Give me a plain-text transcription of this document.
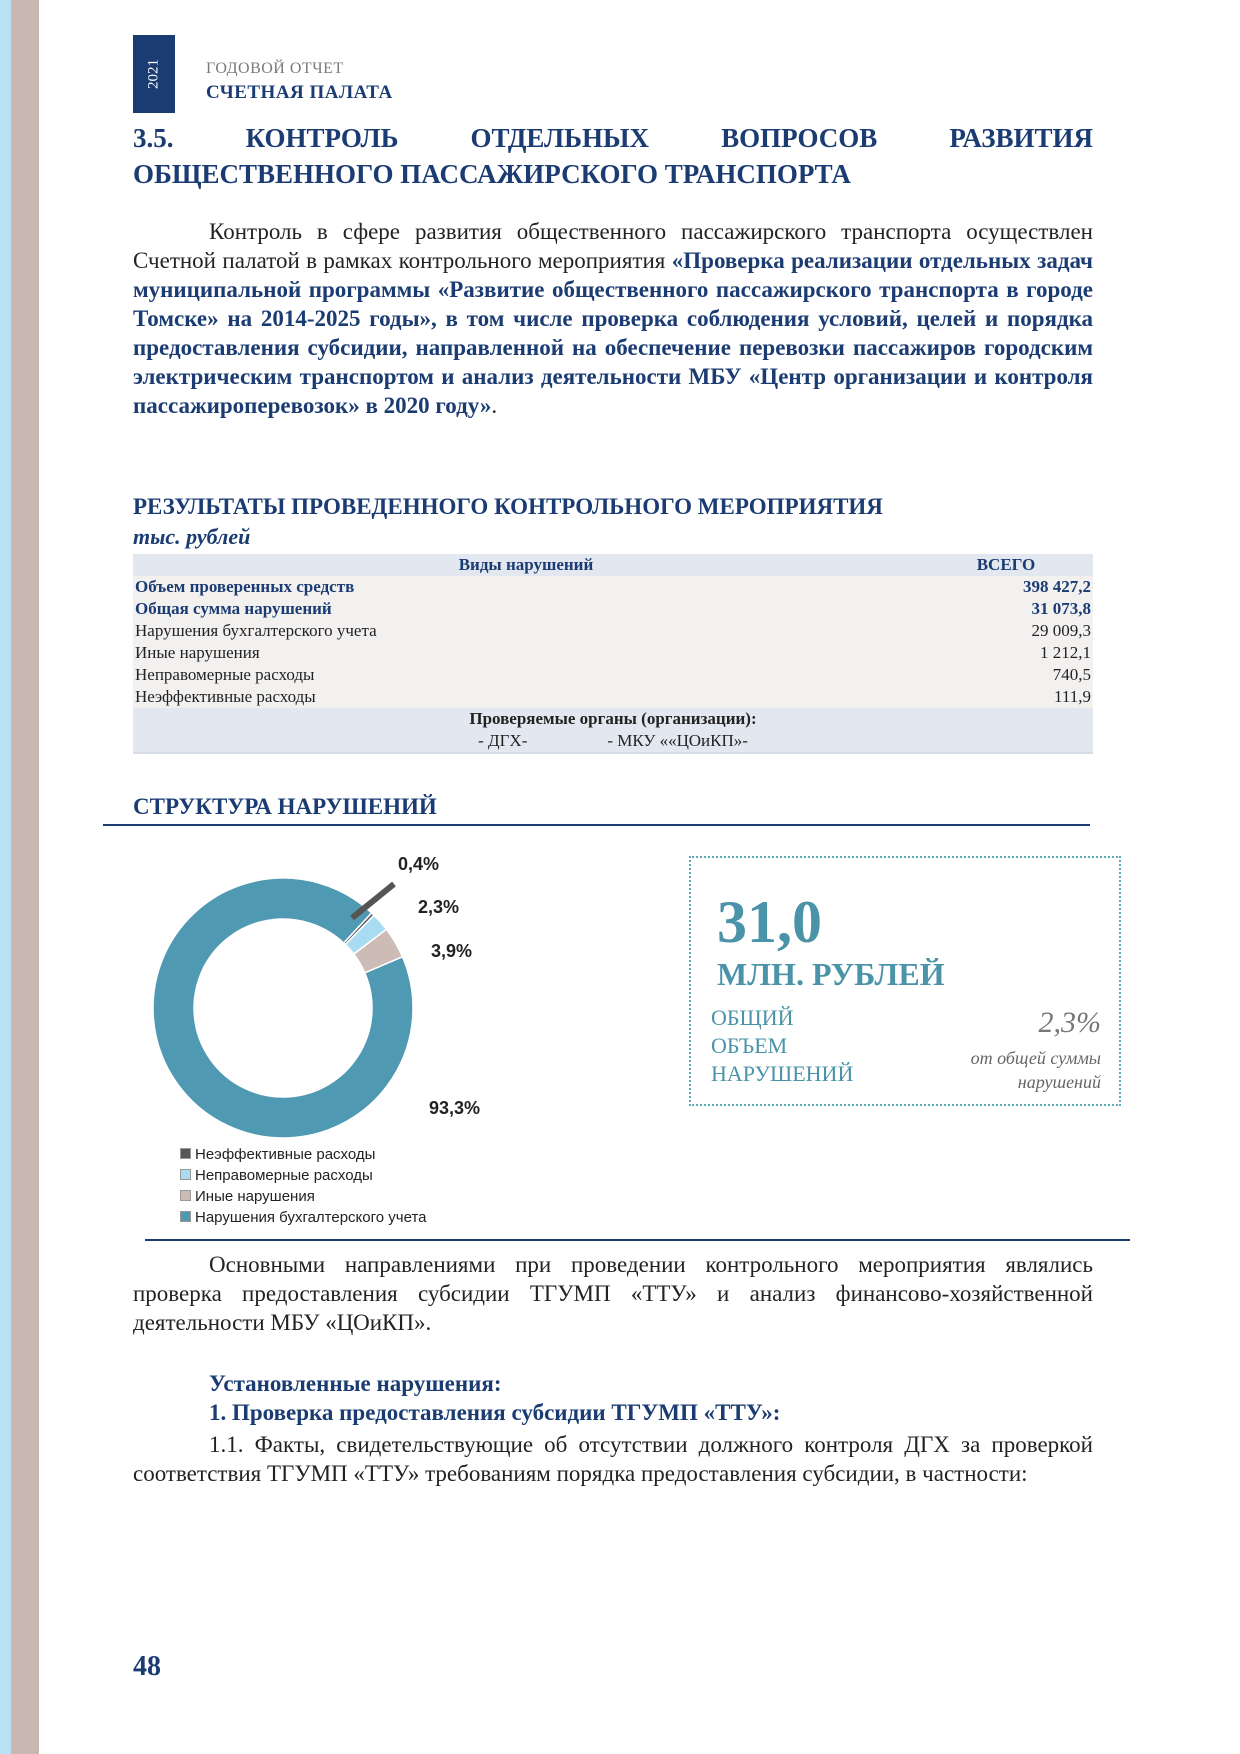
2021	ГОДОВОЙ ОТЧЕТ
СЧЕТНАЯ ПАЛАТА
3.5. КОНТРОЛЬ ОТДЕЛЬНЫХ ВОПРОСОВ РАЗВИТИЯ ОБЩЕСТВЕННОГО ПАССАЖИРСКОГО ТРАНСПОРТА
Контроль в сфере развития общественного пассажирского транспорта осуществлен Счетной палатой в рамках контрольного мероприятия «Проверка реализации отдельных задач муниципальной программы «Развитие общественного пассажирского транспорта в городе Томске» на 2014-2025 годы», в том числе проверка соблюдения условий, целей и порядка предоставления субсидии, направленной на обеспечение перевозки пассажиров городским электрическим транспортом и анализ деятельности МБУ «Центр организации и контроля пассажироперевозок» в 2020 году».
РЕЗУЛЬТАТЫ ПРОВЕДЕННОГО КОНТРОЛЬНОГО МЕРОПРИЯТИЯ
тыс. рублей
Виды нарушений	ВСЕГО
Объем проверенных средств	398 427,2
Общая сумма нарушений	31 073,8
Нарушения бухгалтерского учета	29 009,3
Иные нарушения	1 212,1
Неправомерные расходы	740,5
Неэффективные расходы	111,9
Проверяемые органы (организации):	
- ДГХ- - МКУ ««ЦОиКП»-	
СТРУКТУРА НАРУШЕНИЙ
0,4%
2,3%
3,9%
93,3%
Неэффективные расходы
Неправомерные расходы
Иные нарушения
Нарушения бухгалтерского учета
31,0
МЛН. РУБЛЕЙ
ОБЩИЙ
ОБЪЕМ
НАРУШЕНИЙ
2,3%
от общей суммы
нарушений
Основными направлениями при проведении контрольного мероприятия являлись проверка предоставления субсидии ТГУМП «ТТУ» и анализ финансово-хозяйственной деятельности МБУ «ЦОиКП».
Установленные нарушения:
1. Проверка предоставления субсидии ТГУМП «ТТУ»:
1.1. Факты, свидетельствующие об отсутствии должного контроля ДГХ за проверкой соответствия ТГУМП «ТТУ» требованиям порядка предоставления субсидии, в частности:
48
